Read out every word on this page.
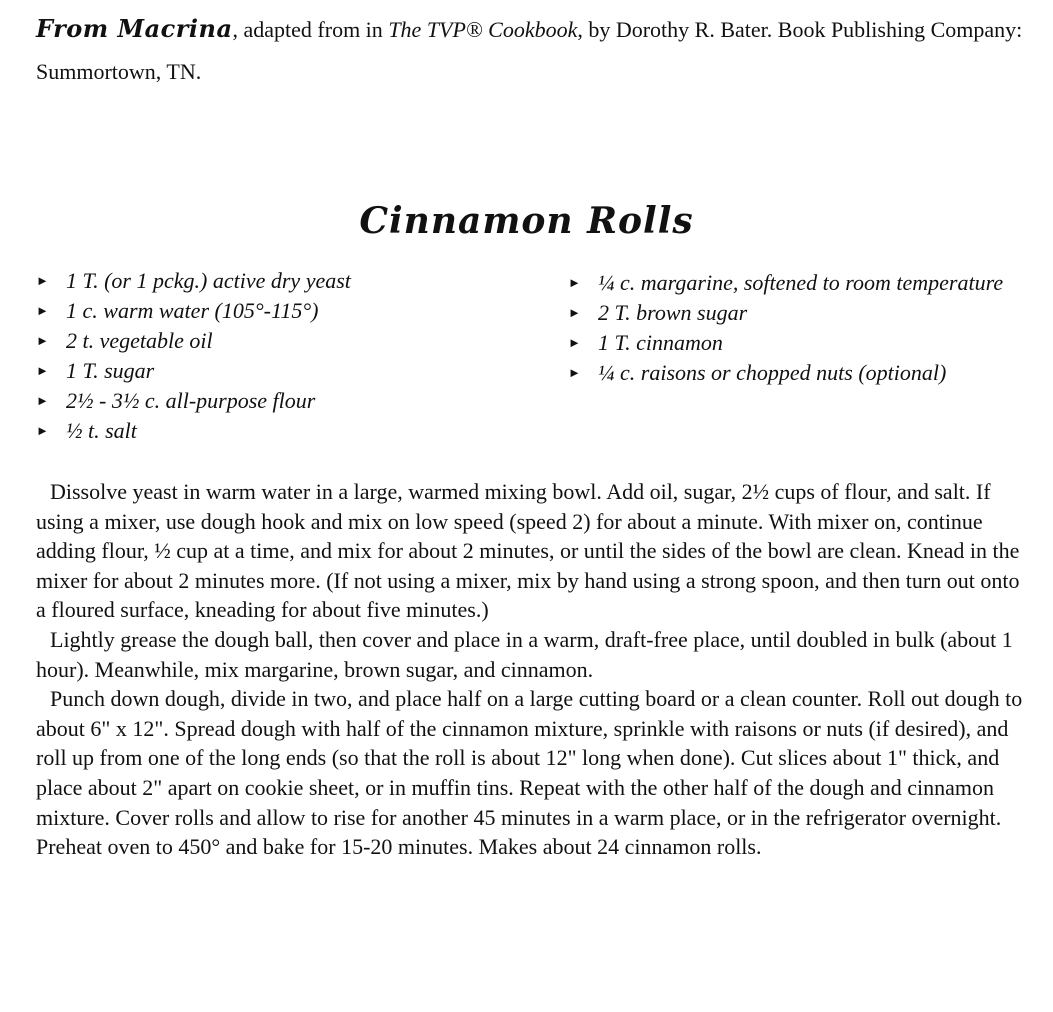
From Macrina, adapted from in The TVP® Cookbook, by Dorothy R. Bater. Book Publishing Company: Summortown, TN.
Cinnamon Rolls
► 1 T. (or 1 pckg.) active dry yeast
► 1 c. warm water (105°-115°)
► 2 t. vegetable oil
► 1 T. sugar
► 2½ - 3½ c. all-purpose flour
► ½ t. salt
► ¼ c. margarine, softened to room temperature
► 2 T. brown sugar
► 1 T. cinnamon
► ¼ c. raisons or chopped nuts (optional)

Dissolve yeast in warm water in a large, warmed mixing bowl. Add oil, sugar, 2½ cups of flour, and salt. If using a mixer, use dough hook and mix on low speed (speed 2) for about a minute. With mixer on, continue adding flour, ½ cup at a time, and mix for about 2 minutes, or until the sides of the bowl are clean. Knead in the mixer for about 2 minutes more. (If not using a mixer, mix by hand using a strong spoon, and then turn out onto a floured surface, kneading for about five minutes.)

Lightly grease the dough ball, then cover and place in a warm, draft-free place, until doubled in bulk (about 1 hour). Meanwhile, mix margarine, brown sugar, and cinnamon.

Punch down dough, divide in two, and place half on a large cutting board or a clean counter. Roll out dough to about 6" x 12". Spread dough with half of the cinnamon mixture, sprinkle with raisons or nuts (if desired), and roll up from one of the long ends (so that the roll is about 12" long when done). Cut slices about 1" thick, and place about 2" apart on cookie sheet, or in muffin tins. Repeat with the other half of the dough and cinnamon mixture. Cover rolls and allow to rise for another 45 minutes in a warm place, or in the refrigerator overnight. Preheat oven to 450° and bake for 15-20 minutes. Makes about 24 cinnamon rolls.
